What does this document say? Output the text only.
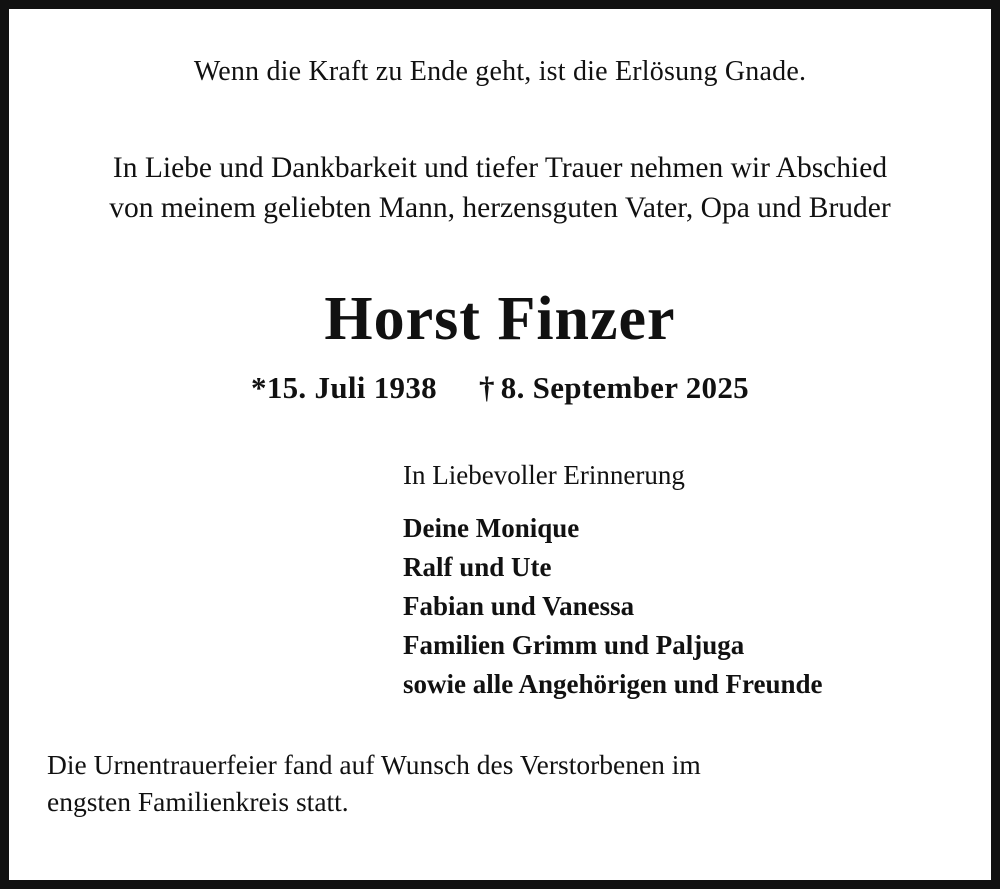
Wenn die Kraft zu Ende geht, ist die Erlösung Gnade.
In Liebe und Dankbarkeit und tiefer Trauer nehmen wir Abschied
von meinem geliebten Mann, herzensguten Vater, Opa und Bruder
Horst Finzer
*15. Juli 1938 † 8. September 2025
In Liebevoller Erinnerung
Deine Monique
Ralf und Ute
Fabian und Vanessa
Familien Grimm und Paljuga
sowie alle Angehörigen und Freunde
Die Urnentrauerfeier fand auf Wunsch des Verstorbenen im
engsten Familienkreis statt.
